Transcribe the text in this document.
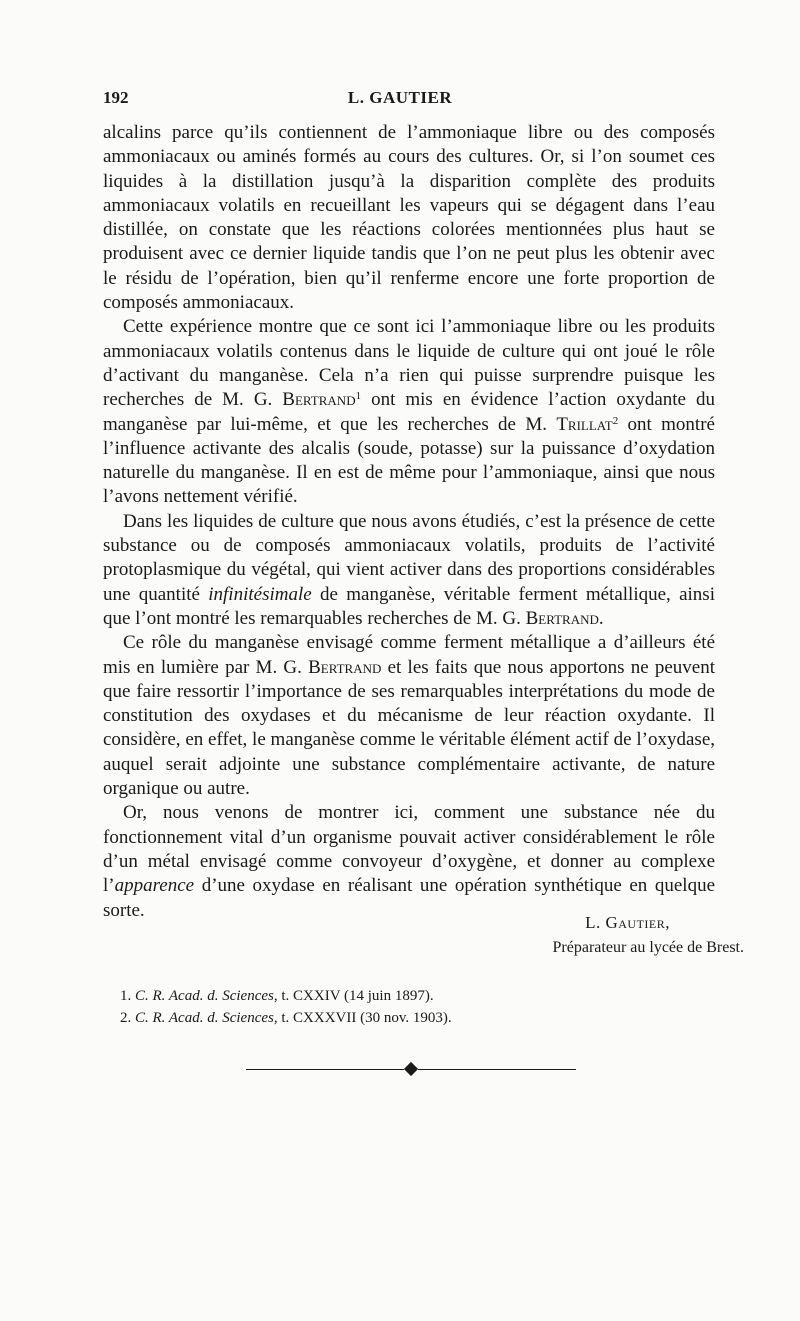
192	L. GAUTIER

alcalins parce qu’ils contiennent de l’ammoniaque libre ou des composés ammoniacaux ou aminés formés au cours des cultures. Or, si l’on soumet ces liquides à la distillation jusqu’à la disparition complète des produits ammoniacaux volatils en recueillant les vapeurs qui se dégagent dans l’eau distillée, on constate que les réactions colorées mentionnées plus haut se produisent avec ce dernier liquide tandis que l’on ne peut plus les obtenir avec le résidu de l’opération, bien qu’il renferme encore une forte proportion de composés ammoniacaux.

Cette expérience montre que ce sont ici l’ammoniaque libre ou les produits ammoniacaux volatils contenus dans le liquide de culture qui ont joué le rôle d’activant du manganèse. Cela n’a rien qui puisse surprendre puisque les recherches de M. G. Bertrand$^1$ ont mis en évidence l’action oxydante du manganèse par lui-même, et que les recherches de M. Trillat$^2$ ont montré l’influence activante des alcalis (soude, potasse) sur la puissance d’oxydation naturelle du manganèse. Il en est de même pour l’ammoniaque, ainsi que nous l’avons nettement vérifié.

Dans les liquides de culture que nous avons étudiés, c’est la présence de cette substance ou de composés ammoniacaux volatils, produits de l’activité protoplasmique du végétal, qui vient activer dans des proportions considérables une quantité infinitésimale de manganèse, véritable ferment métallique, ainsi que l’ont montré les remarquables recherches de M. G. Bertrand.

Ce rôle du manganèse envisagé comme ferment métallique a d’ailleurs été mis en lumière par M. G. Bertrand et les faits que nous apportons ne peuvent que faire ressortir l’importance de ses remarquables interprétations du mode de constitution des oxydases et du mécanisme de leur réaction oxydante. Il considère, en effet, le manganèse comme le véritable élément actif de l’oxydase, auquel serait adjointe une substance complémentaire activante, de nature organique ou autre.

Or, nous venons de montrer ici, comment une substance née du fonctionnement vital d’un organisme pouvait activer considérablement le rôle d’un métal envisagé comme convoyeur d’oxygène, et donner au complexe l’apparence d’une oxydase en réalisant une opération synthétique en quelque sorte.

L. Gautier,
Préparateur au lycée de Brest.
1. C. R. Acad. d. Sciences, t. CXXIV (14 juin 1897).
2. C. R. Acad. d. Sciences, t. CXXXVII (30 nov. 1903).
